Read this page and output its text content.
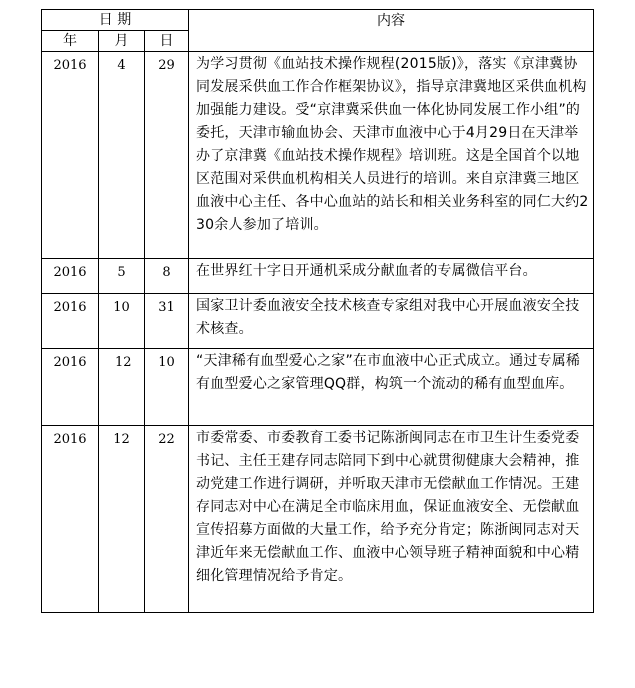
日 期			内容
年	月	日	
2016	4	29	为学习贯彻《血站技术操作规程(2015版)》，落实《京津冀协同发展采供血工作合作框架协议》，指导京津冀地区采供血机构加强能力建设。受“京津冀采供血一体化协同发展工作小组”的委托，天津市输血协会、天津市血液中心于4月29日在天津举办了京津冀《血站技术操作规程》培训班。这是全国首个以地区范围对采供血机构相关人员进行的培训。来自京津冀三地区血液中心主任、各中心血站的站长和相关业务科室的同仁大约230余人参加了培训。
2016	5	8	在世界红十字日开通机采成分献血者的专属微信平台。
2016	10	31	国家卫计委血液安全技术核查专家组对我中心开展血液安全技术核查。
2016	12	10	“天津稀有血型爱心之家”在市血液中心正式成立。通过专属稀有血型爱心之家管理QQ群，构筑一个流动的稀有血型血库。
2016	12	22	市委常委、市委教育工委书记陈浙闽同志在市卫生计生委党委书记、主任王建存同志陪同下到中心就贯彻健康大会精神，推动党建工作进行调研，并听取天津市无偿献血工作情况。王建存同志对中心在满足全市临床用血，保证血液安全、无偿献血宣传招募方面做的大量工作，给予充分肯定；陈浙闽同志对天津近年来无偿献血工作、血液中心领导班子精神面貌和中心精细化管理情况给予肯定。
